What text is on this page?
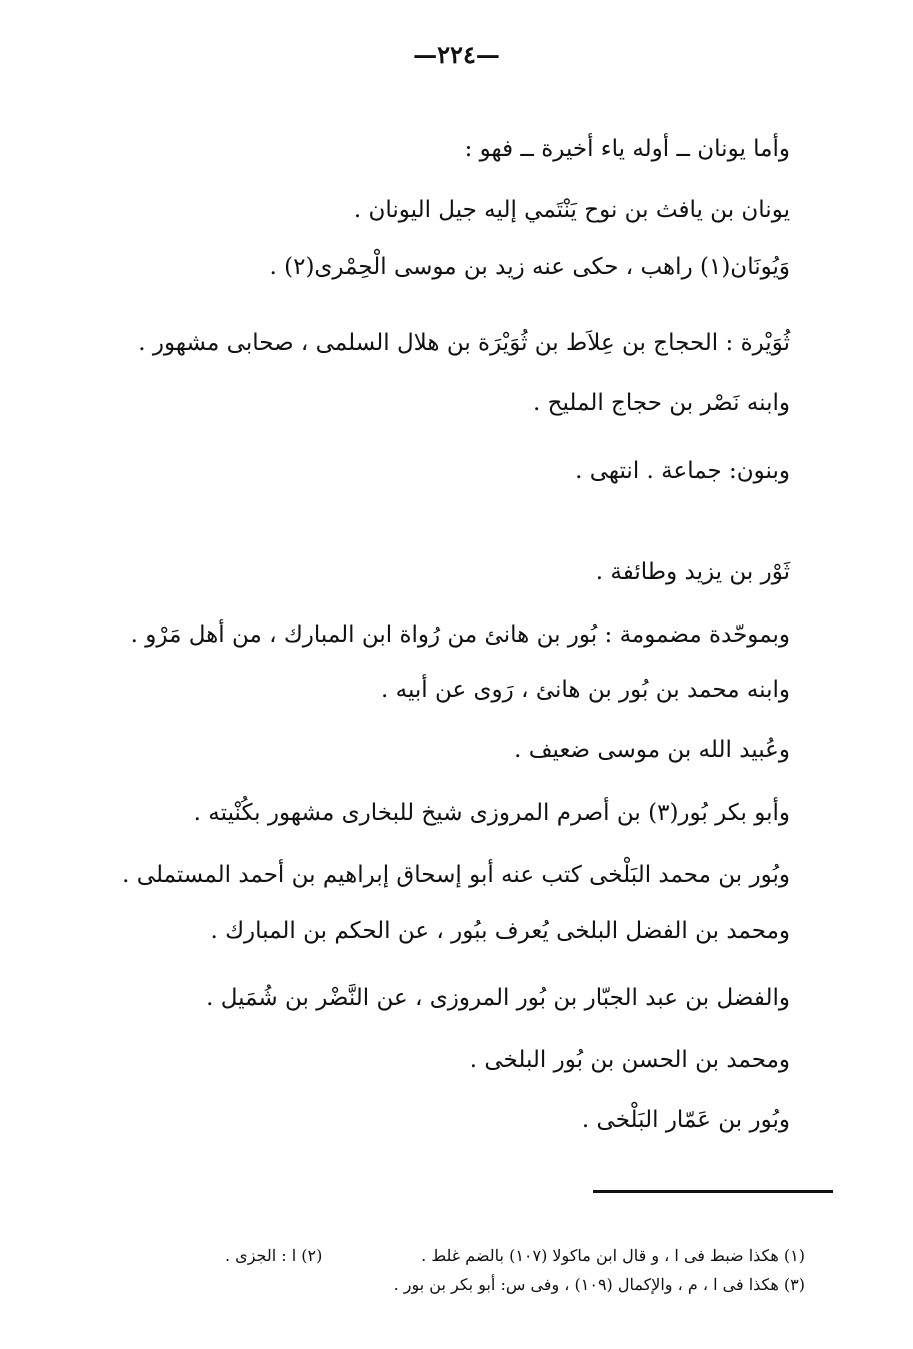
—٢٢٤—
وأما يونان ــ أوله ياء أخيرة ــ فهو :
يونان بن يافث بن نوح يَنْتَمي إليه جيل اليونان .
وَيُونَان(١) راهب ، حكى عنه زيد بن موسى الْحِمْرى(٢) .
ثُوَيْرة : الحجاج بن عِلاَط بن ثُوَيْرَة بن هلال السلمى ، صحابى مشهور .
وابنه نَصْر بن حجاج المليح .
وبنون: جماعة . انتهى .
ثَوْر بن يزيد وطائفة .
وبموحّدة مضمومة : بُور بن هانئ من رُواة ابن المبارك ، من أهل مَرْو .
وابنه محمد بن بُور بن هانئ ، رَوى عن أبيه .
وعُبيد الله بن موسى ضعيف .
وأبو بكر بُور(٣) بن أصرم المروزى شيخ للبخارى مشهور بكُنْيته .
وبُور بن محمد البَلْخى كتب عنه أبو إسحاق إبراهيم بن أحمد المستملى .
ومحمد بن الفضل البلخى يُعرف ببُور ، عن الحكم بن المبارك .
والفضل بن عبد الجبّار بن بُور المروزى ، عن النَّضْر بن شُمَيل .
ومحمد بن الحسن بن بُور البلخى .
وبُور بن عَمّار البَلْخى .
(١) هكذا ضبط فى ا ، و قال ابن ماكولا (١٠٧) بالضم غلط .
(٢) ا : الجزى .
(٣) هكذا فى ا ، م ، والإكمال (١٠٩) ، وفى س: أبو بكر بن بور .
